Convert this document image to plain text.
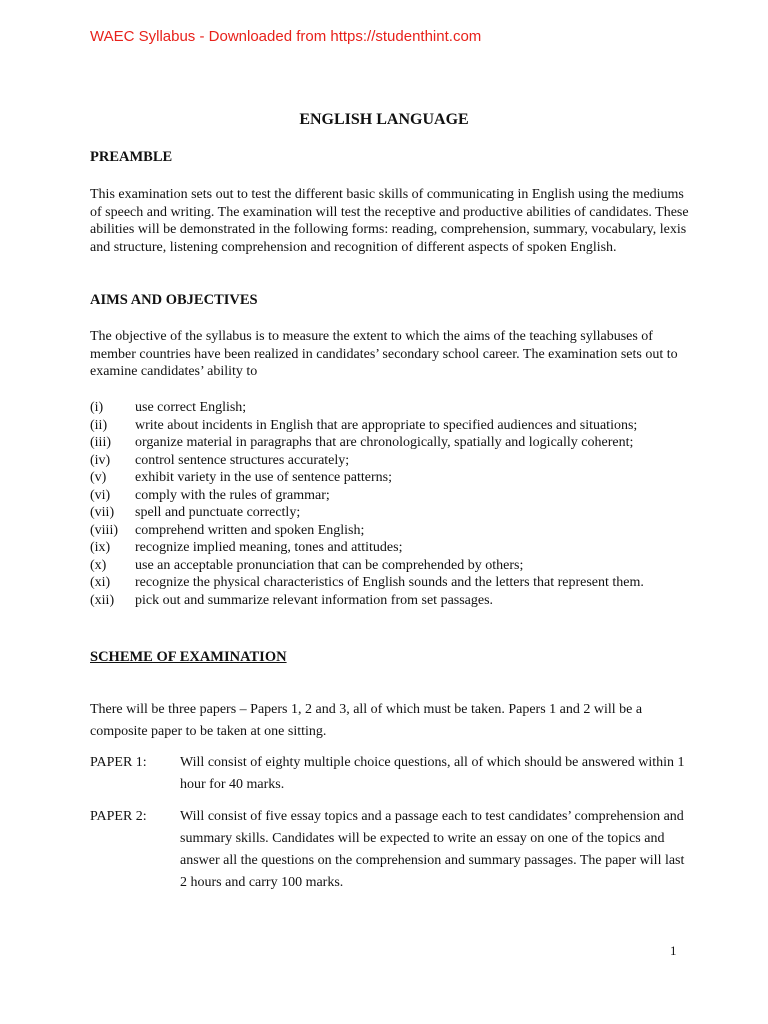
WAEC Syllabus - Downloaded from https://studenthint.com
ENGLISH LANGUAGE
PREAMBLE

This examination sets out to test the different basic skills of communicating in English using the mediums of speech and writing. The examination will test the receptive and productive abilities of candidates. These abilities will be demonstrated in the following forms: reading, comprehension, summary, vocabulary, lexis and structure, listening comprehension and recognition of different aspects of spoken English.

AIMS AND OBJECTIVES

The objective of the syllabus is to measure the extent to which the aims of the teaching syllabuses of member countries have been realized in candidates’ secondary school career. The examination sets out to examine candidates’ ability to

(i)	use correct English;
(ii)	write about incidents in English that are appropriate to specified audiences and situations;
(iii)	organize material in paragraphs that are chronologically, spatially and logically coherent;
(iv)	control sentence structures accurately;
(v)	exhibit variety in the use of sentence patterns;
(vi)	comply with the rules of grammar;
(vii)	spell and punctuate correctly;
(viii)	comprehend written and spoken English;
(ix)	recognize implied meaning, tones and attitudes;
(x)	use an acceptable pronunciation that can be comprehended by others;
(xi)	recognize the physical characteristics of English sounds and the letters that represent them.
(xii)	pick out and summarize relevant information from set passages.
SCHEME OF EXAMINATION

There will be three papers – Papers 1, 2 and 3, all of which must be taken. Papers 1 and 2 will be a composite paper to be taken at one sitting.

PAPER 1:	Will consist of eighty multiple choice questions, all of which should be answered within 1 hour for 40 marks.
PAPER 2:	Will consist of five essay topics and a passage each to test candidates’ comprehension and summary skills. Candidates will be expected to write an essay on one of the topics and answer all the questions on the comprehension and summary passages. The paper will last 2 hours and carry 100 marks.
1
